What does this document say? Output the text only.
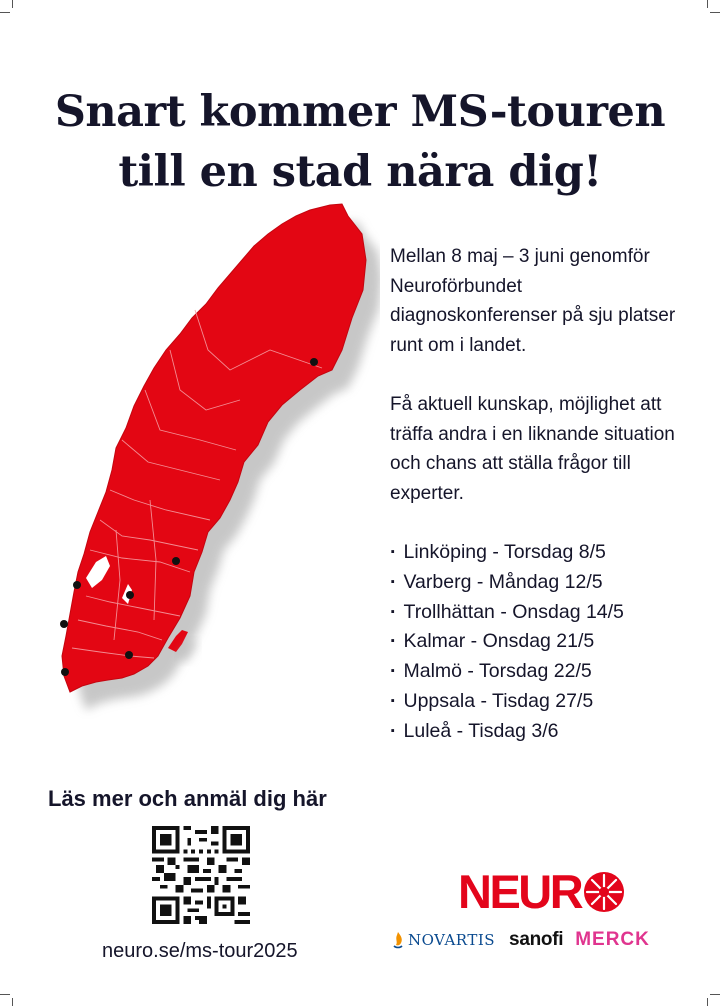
Snart kommer MS-touren
till en stad nära dig!

Mellan 8 maj – 3 juni genomför Neuroförbundet diagnoskonferenser på sju platser runt om i landet.

Få aktuell kunskap, möjlighet att träffa andra i en liknande situation och chans att ställa frågor till experter.

· Linköping - Torsdag 8/5
· Varberg - Måndag 12/5
· Trollhättan - Onsdag 14/5
· Kalmar - Onsdag 21/5
· Malmö - Torsdag 22/5
· Uppsala - Tisdag 27/5
· Luleå - Tisdag 3/6

Läs mer och anmäl dig här

neuro.se/ms-tour2025
NEUR
NOVARTIS sanofi MERCK
